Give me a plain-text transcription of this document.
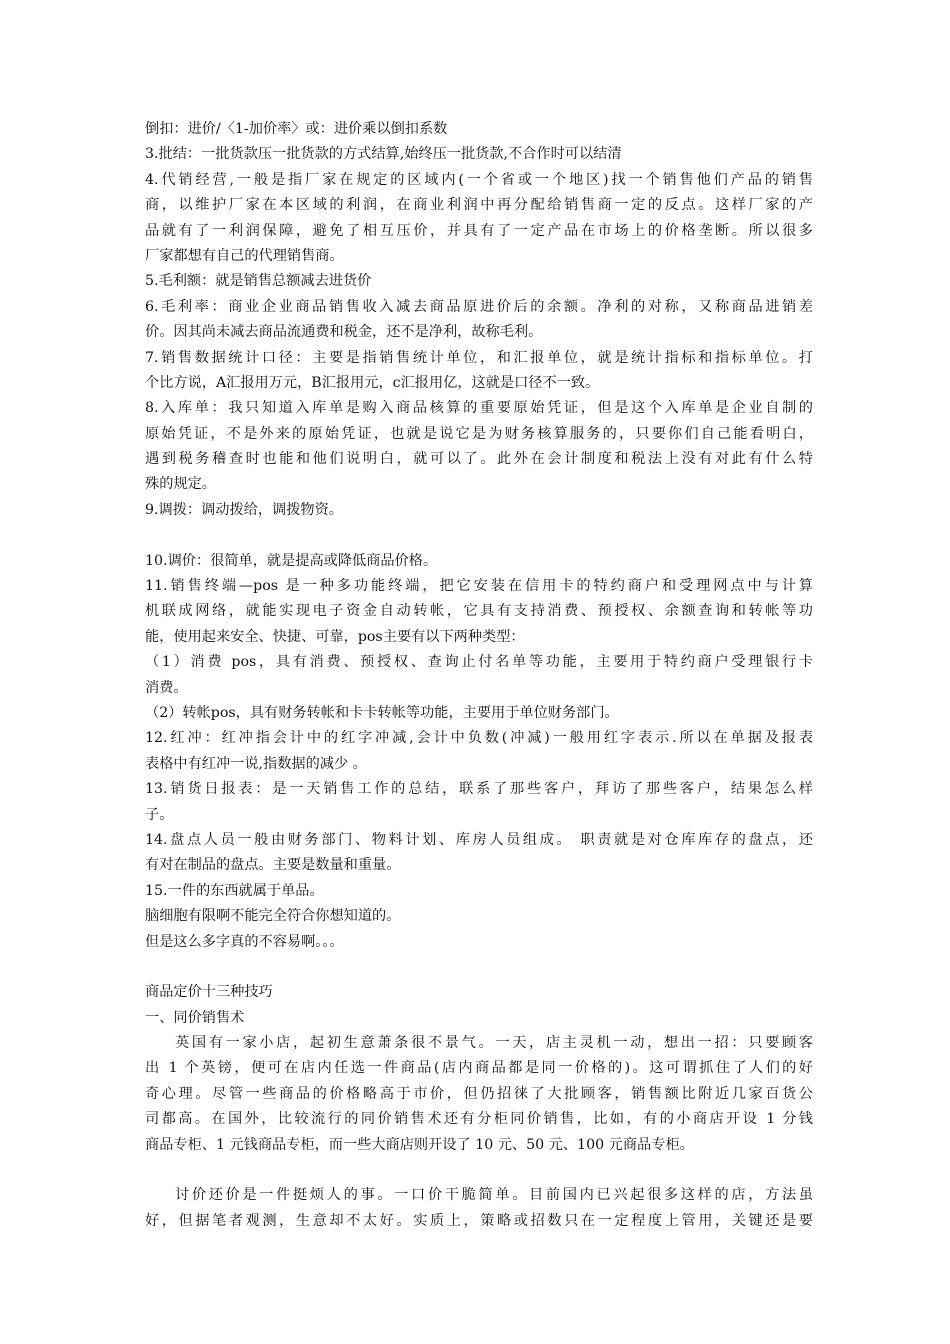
倒扣：进价/〈1-加价率〉或：进价乘以倒扣系数
3.批结：一批货款压一批货款的方式结算,始终压一批货款,不合作时可以结清
4.代销经营,一般是指厂家在规定的区域内(一个省或一个地区)找一个销售他们产品的销售
商，以维护厂家在本区域的利润，在商业利润中再分配给销售商一定的反点。这样厂家的产
品就有了一利润保障，避免了相互压价，并具有了一定产品在市场上的价格垄断。所以很多
厂家都想有自己的代理销售商。
5.毛利额：就是销售总额减去进货价
6.毛利率：商业企业商品销售收入减去商品原进价后的余额。净利的对称，又称商品进销差
价。因其尚未减去商品流通费和税金，还不是净利，故称毛利。
7.销售数据统计口径：主要是指销售统计单位，和汇报单位，就是统计指标和指标单位。打
个比方说，A汇报用万元，B汇报用元，c汇报用亿，这就是口径不一致。
8.入库单：我只知道入库单是购入商品核算的重要原始凭证，但是这个入库单是企业自制的
原始凭证，不是外来的原始凭证，也就是说它是为财务核算服务的，只要你们自己能看明白，
遇到税务稽查时也能和他们说明白，就可以了。此外在会计制度和税法上没有对此有什么特
殊的规定。
9.调拨：调动拨给，调拨物资。
10.调价：很简单，就是提高或降低商品价格。
11.销售终端—pos 是一种多功能终端，把它安装在信用卡的特约商户和受理网点中与计算
机联成网络，就能实现电子资金自动转帐，它具有支持消费、预授权、余额查询和转帐等功
能，使用起来安全、快捷、可靠，pos主要有以下两种类型：
（1）消费 pos，具有消费、预授权、查询止付名单等功能，主要用于特约商户受理银行卡
消费。
（2）转帐pos，具有财务转帐和卡卡转帐等功能，主要用于单位财务部门。
12.红冲：红冲指会计中的红字冲减,会计中负数(冲减)一般用红字表示.所以在单据及报表
表格中有红冲一说,指数据的减少 。
13.销货日报表：是一天销售工作的总结，联系了那些客户，拜访了那些客户，结果怎么样
子。
14.盘点人员一般由财务部门、物料计划、库房人员组成。 职责就是对仓库库存的盘点，还
有对在制品的盘点。主要是数量和重量。
15.一件的东西就属于单品。
脑细胞有限啊不能完全符合你想知道的。
但是这么多字真的不容易啊。。。
商品定价十三种技巧
一、同价销售术
英国有一家小店，起初生意萧条很不景气。一天，店主灵机一动，想出一招：只要顾客
出 1 个英镑，便可在店内任选一件商品(店内商品都是同一价格的)。这可谓抓住了人们的好
奇心理。尽管一些商品的价格略高于市价，但仍招徕了大批顾客，销售额比附近几家百货公
司都高。在国外，比较流行的同价销售术还有分柜同价销售，比如，有的小商店开设 1 分钱
商品专柜、1 元钱商品专柜，而一些大商店则开设了 10 元、50 元、100 元商品专柜。
讨价还价是一件挺烦人的事。一口价干脆简单。目前国内已兴起很多这样的店，方法虽
好，但据笔者观测，生意却不太好。实质上，策略或招数只在一定程度上管用，关键还是要
